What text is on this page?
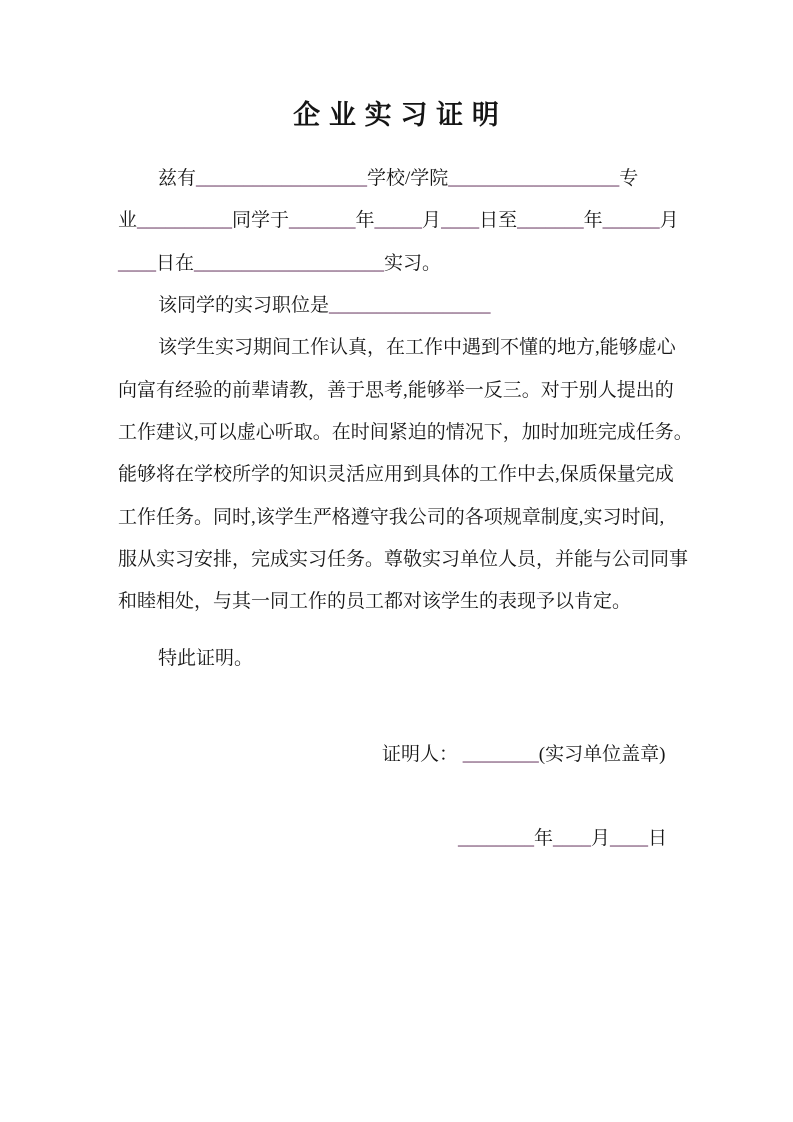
企 业 实 习 证 明
兹有__________________学校/学院__________________专
业__________同学于_______年_____月____日至_______年______月
____日在____________________实习。
该同学的实习职位是_________________
该学生实习期间工作认真，在工作中遇到不懂的地方,能够虚心
向富有经验的前辈请教，善于思考,能够举一反三。对于别人提出的
工作建议,可以虚心听取。在时间紧迫的情况下，加时加班完成任务。
能够将在学校所学的知识灵活应用到具体的工作中去,保质保量完成
工作任务。同时,该学生严格遵守我公司的各项规章制度,实习时间,
服从实习安排，完成实习任务。尊敬实习单位人员，并能与公司同事
和睦相处，与其一同工作的员工都对该学生的表现予以肯定。
特此证明。
证明人： ________(实习单位盖章)
________年____月____日
